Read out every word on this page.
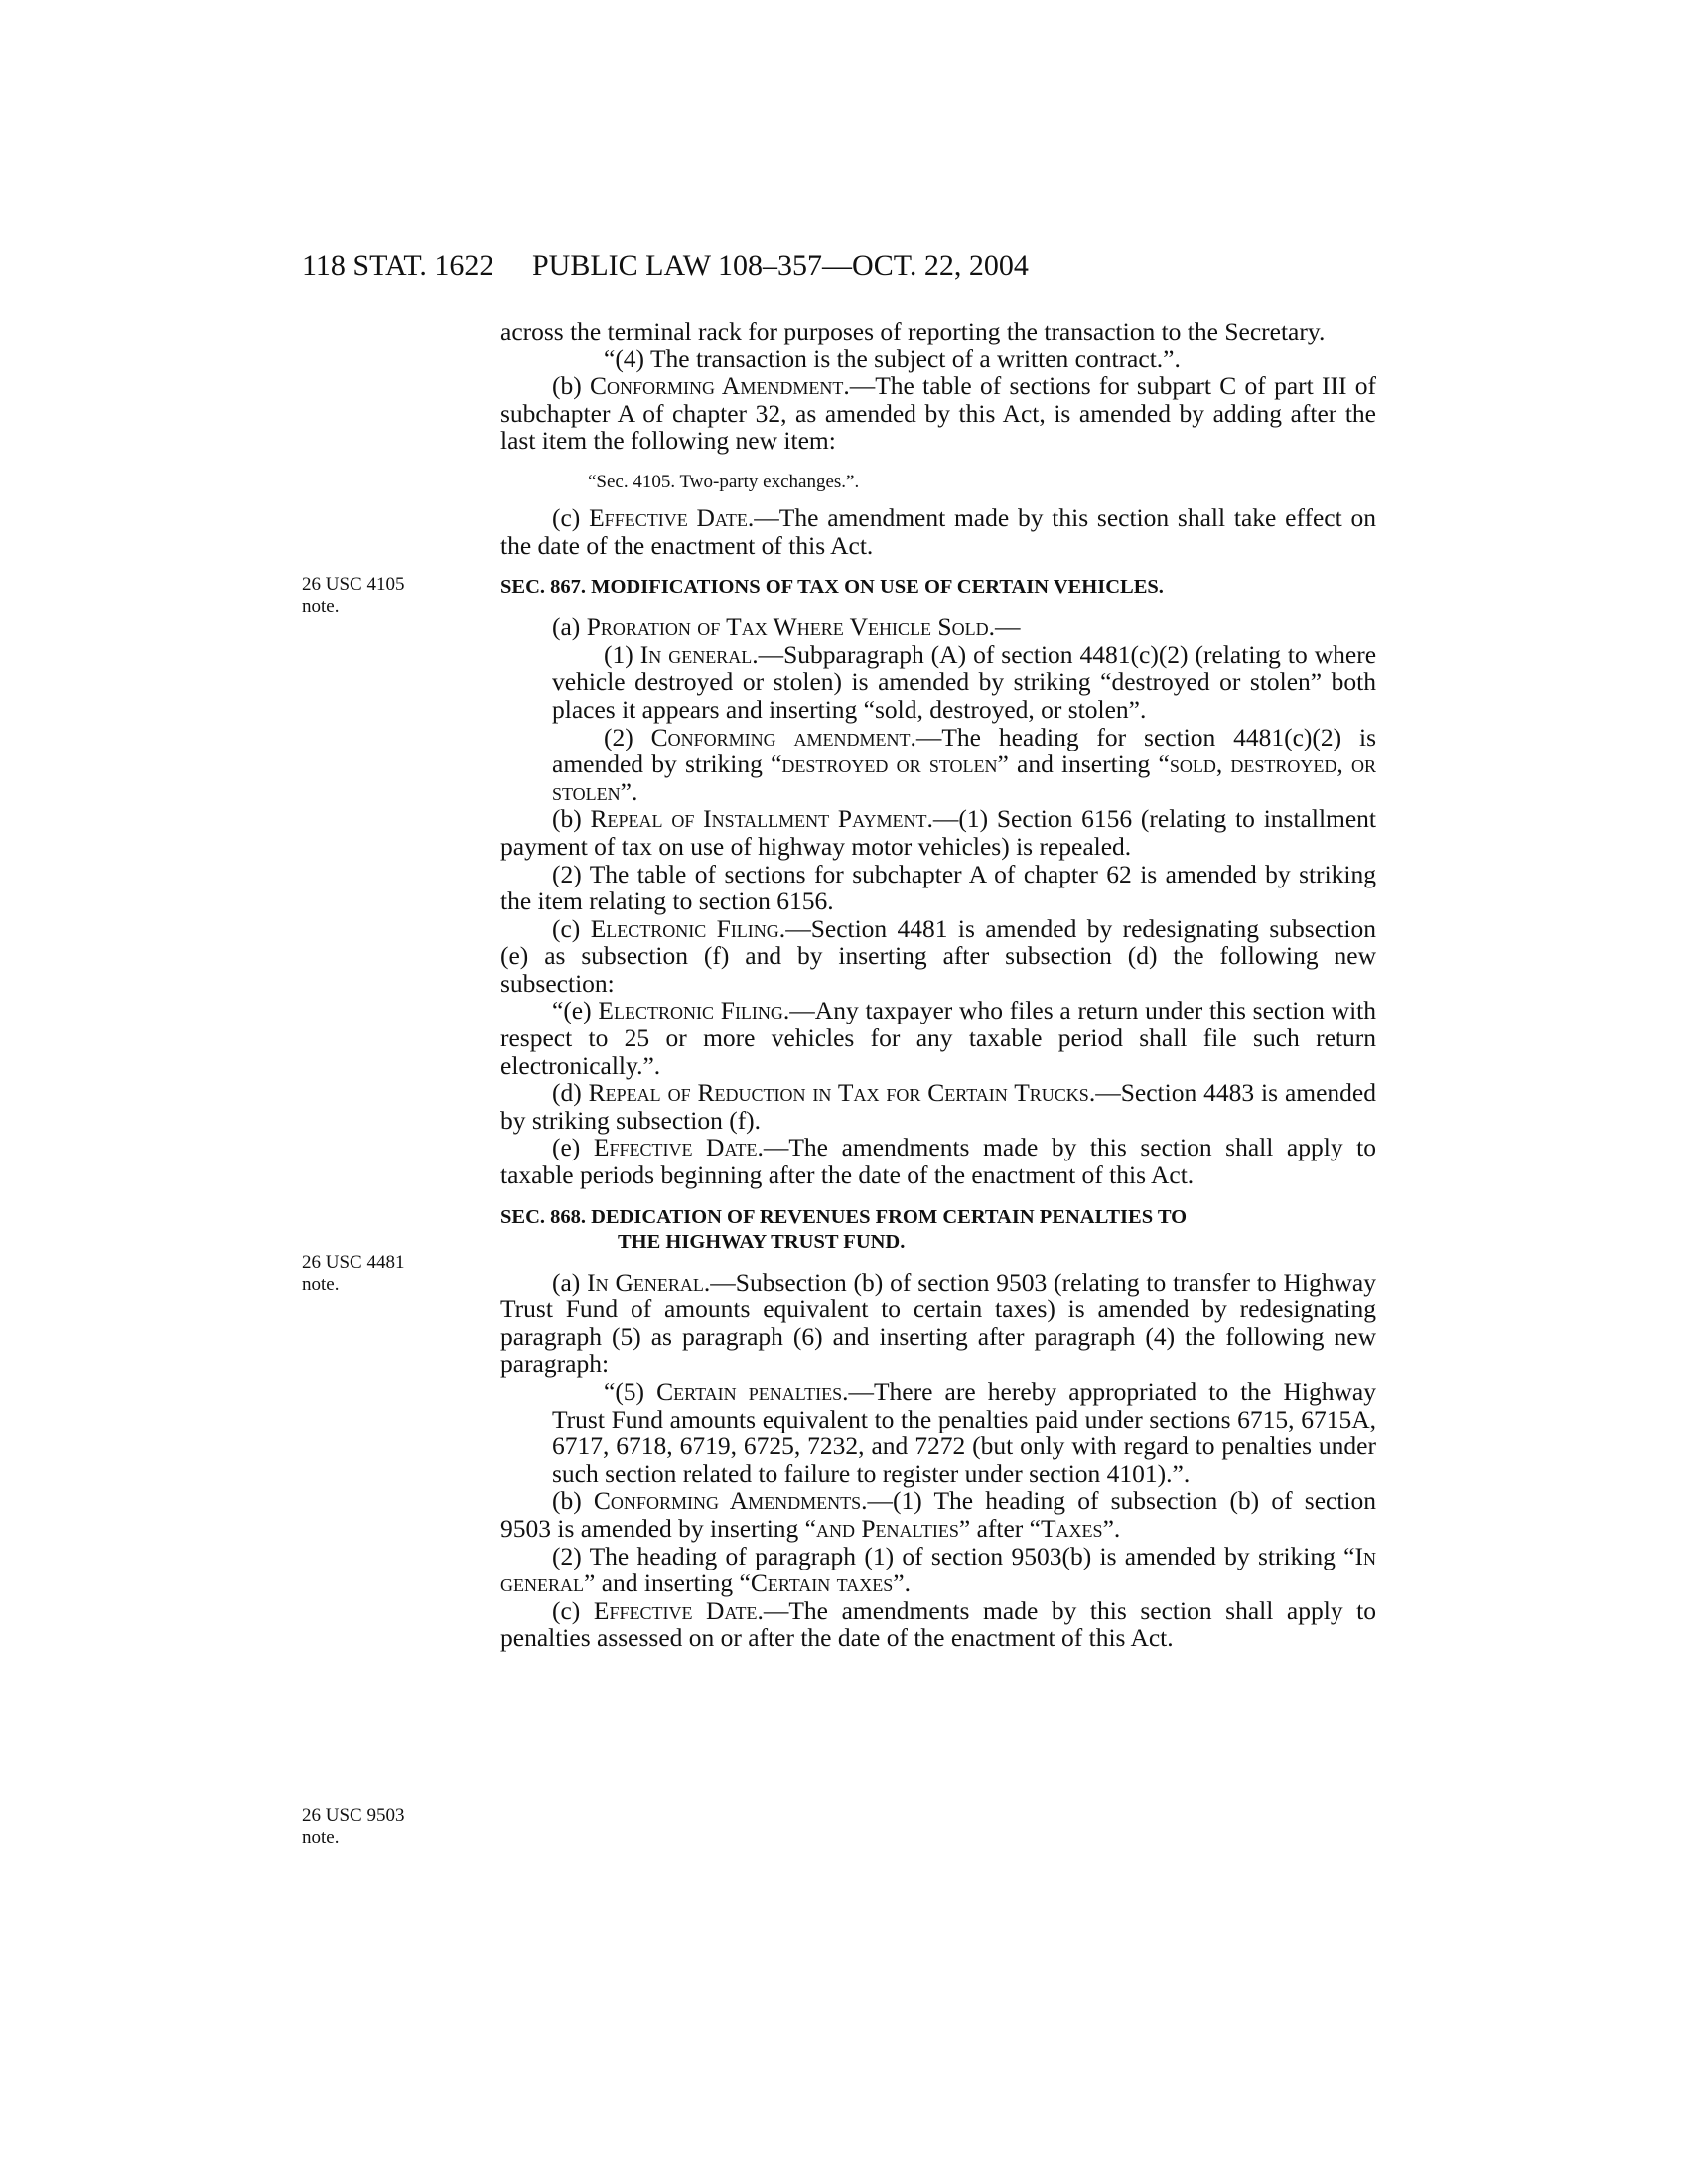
118 STAT. 1622 PUBLIC LAW 108–357—OCT. 22, 2004
26 USC 4105
note.
26 USC 4481
note.
26 USC 9503
note.

across the terminal rack for purposes of reporting the transaction to the Secretary.

“(4) The transaction is the subject of a written contract.”.

(b) Conforming Amendment.—The table of sections for subpart C of part III of subchapter A of chapter 32, as amended by this Act, is amended by adding after the last item the following new item:

“Sec. 4105. Two-party exchanges.”.

(c) Effective Date.—The amendment made by this section shall take effect on the date of the enactment of this Act.

SEC. 867. MODIFICATIONS OF TAX ON USE OF CERTAIN VEHICLES.

(a) Proration of Tax Where Vehicle Sold.—

(1) In general.—Subparagraph (A) of section 4481(c)(2) (relating to where vehicle destroyed or stolen) is amended by striking “destroyed or stolen” both places it appears and inserting “sold, destroyed, or stolen”.

(2) Conforming amendment.—The heading for section 4481(c)(2) is amended by striking “destroyed or stolen” and inserting “sold, destroyed, or stolen”.

(b) Repeal of Installment Payment.—(1) Section 6156 (relating to installment payment of tax on use of highway motor vehicles) is repealed.

(2) The table of sections for subchapter A of chapter 62 is amended by striking the item relating to section 6156.

(c) Electronic Filing.—Section 4481 is amended by redesignating subsection (e) as subsection (f) and by inserting after subsection (d) the following new subsection:

“(e) Electronic Filing.—Any taxpayer who files a return under this section with respect to 25 or more vehicles for any taxable period shall file such return electronically.”.

(d) Repeal of Reduction in Tax for Certain Trucks.—Section 4483 is amended by striking subsection (f).

(e) Effective Date.—The amendments made by this section shall apply to taxable periods beginning after the date of the enactment of this Act.

SEC. 868. DEDICATION OF REVENUES FROM CERTAIN PENALTIES TO
THE HIGHWAY TRUST FUND.

(a) In General.—Subsection (b) of section 9503 (relating to transfer to Highway Trust Fund of amounts equivalent to certain taxes) is amended by redesignating paragraph (5) as paragraph (6) and inserting after paragraph (4) the following new paragraph:

“(5) Certain penalties.—There are hereby appropriated to the Highway Trust Fund amounts equivalent to the penalties paid under sections 6715, 6715A, 6717, 6718, 6719, 6725, 7232, and 7272 (but only with regard to penalties under such section related to failure to register under section 4101).”.

(b) Conforming Amendments.—(1) The heading of subsection (b) of section 9503 is amended by inserting “and Penalties” after “Taxes”.

(2) The heading of paragraph (1) of section 9503(b) is amended by striking “In general” and inserting “Certain taxes”.

(c) Effective Date.—The amendments made by this section shall apply to penalties assessed on or after the date of the enactment of this Act.
